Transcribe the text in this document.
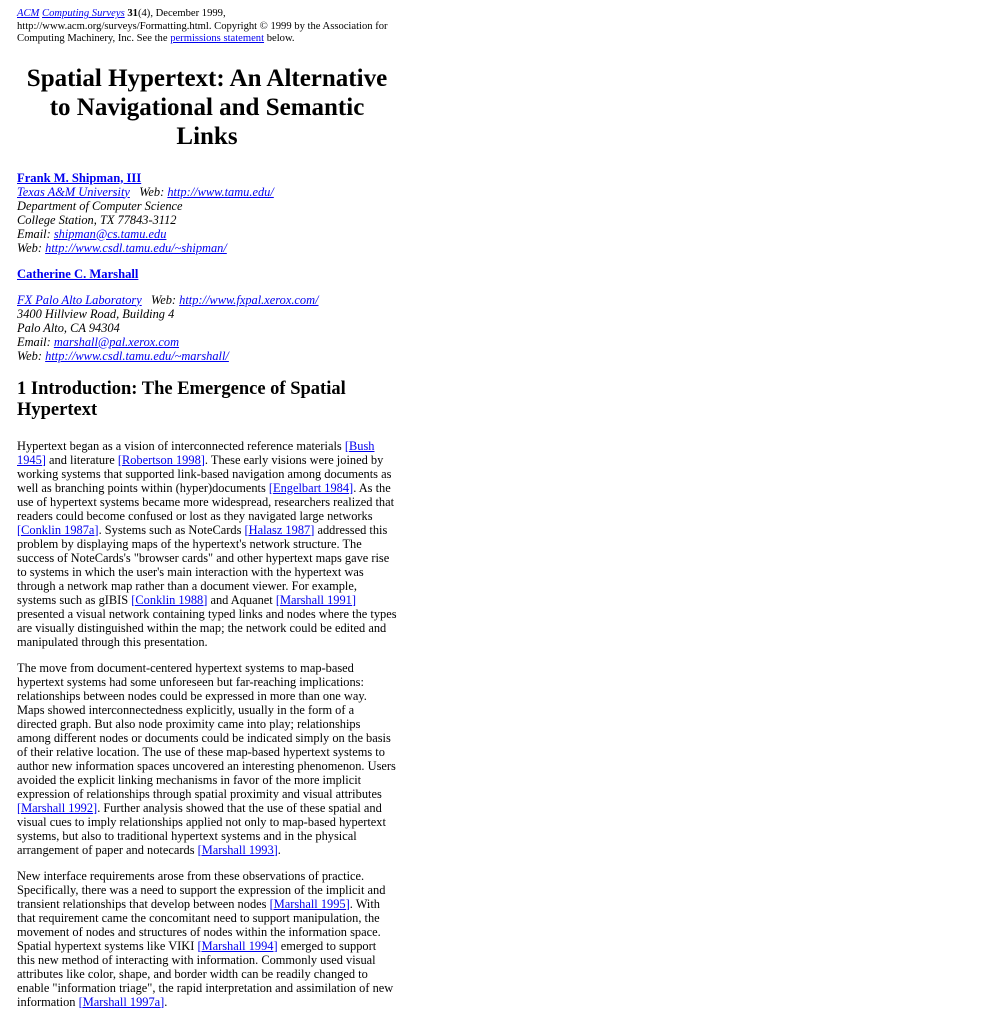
ACM Computing Surveys 31(4), December 1999,
http://www.acm.org/surveys/Formatting.html. Copyright © 1999 by the Association for
Computing Machinery, Inc. See the permissions statement below.
Spatial Hypertext: An Alternative to Navigational and Semantic Links
Frank M. Shipman, III
Texas A&M University Web: http://www.tamu.edu/
Department of Computer Science
College Station, TX 77843-3112
Email: shipman@cs.tamu.edu
Web: http://www.csdl.tamu.edu/~shipman/
Catherine C. Marshall
FX Palo Alto Laboratory Web: http://www.fxpal.xerox.com/
3400 Hillview Road, Building 4
Palo Alto, CA 94304
Email: marshall@pal.xerox.com
Web: http://www.csdl.tamu.edu/~marshall/
1 Introduction: The Emergence of Spatial Hypertext

Hypertext began as a vision of interconnected reference materials [Bush 1945] and literature [Robertson 1998]. These early visions were joined by working systems that supported link-based navigation among documents as well as branching points within (hyper)documents [Engelbart 1984]. As the use of hypertext systems became more widespread, researchers realized that readers could become confused or lost as they navigated large networks [Conklin 1987a]. Systems such as NoteCards [Halasz 1987] addressed this problem by displaying maps of the hypertext's network structure. The success of NoteCards's "browser cards" and other hypertext maps gave rise to systems in which the user's main interaction with the hypertext was through a network map rather than a document viewer. For example, systems such as gIBIS [Conklin 1988] and Aquanet [Marshall 1991] presented a visual network containing typed links and nodes where the types are visually distinguished within the map; the network could be edited and manipulated through this presentation.

The move from document-centered hypertext systems to map-based hypertext systems had some unforeseen but far-reaching implications: relationships between nodes could be expressed in more than one way. Maps showed interconnectedness explicitly, usually in the form of a directed graph. But also node proximity came into play; relationships among different nodes or documents could be indicated simply on the basis of their relative location. The use of these map-based hypertext systems to author new information spaces uncovered an interesting phenomenon. Users avoided the explicit linking mechanisms in favor of the more implicit expression of relationships through spatial proximity and visual attributes [Marshall 1992]. Further analysis showed that the use of these spatial and visual cues to imply relationships applied not only to map-based hypertext systems, but also to traditional hypertext systems and in the physical arrangement of paper and notecards [Marshall 1993].

New interface requirements arose from these observations of practice. Specifically, there was a need to support the expression of the implicit and transient relationships that develop between nodes [Marshall 1995]. With that requirement came the concomitant need to support manipulation, the movement of nodes and structures of nodes within the information space. Spatial hypertext systems like VIKI [Marshall 1994] emerged to support this new method of interacting with information. Commonly used visual attributes like color, shape, and border width can be readily changed to enable "information triage", the rapid interpretation and assimilation of new information [Marshall 1997a].
